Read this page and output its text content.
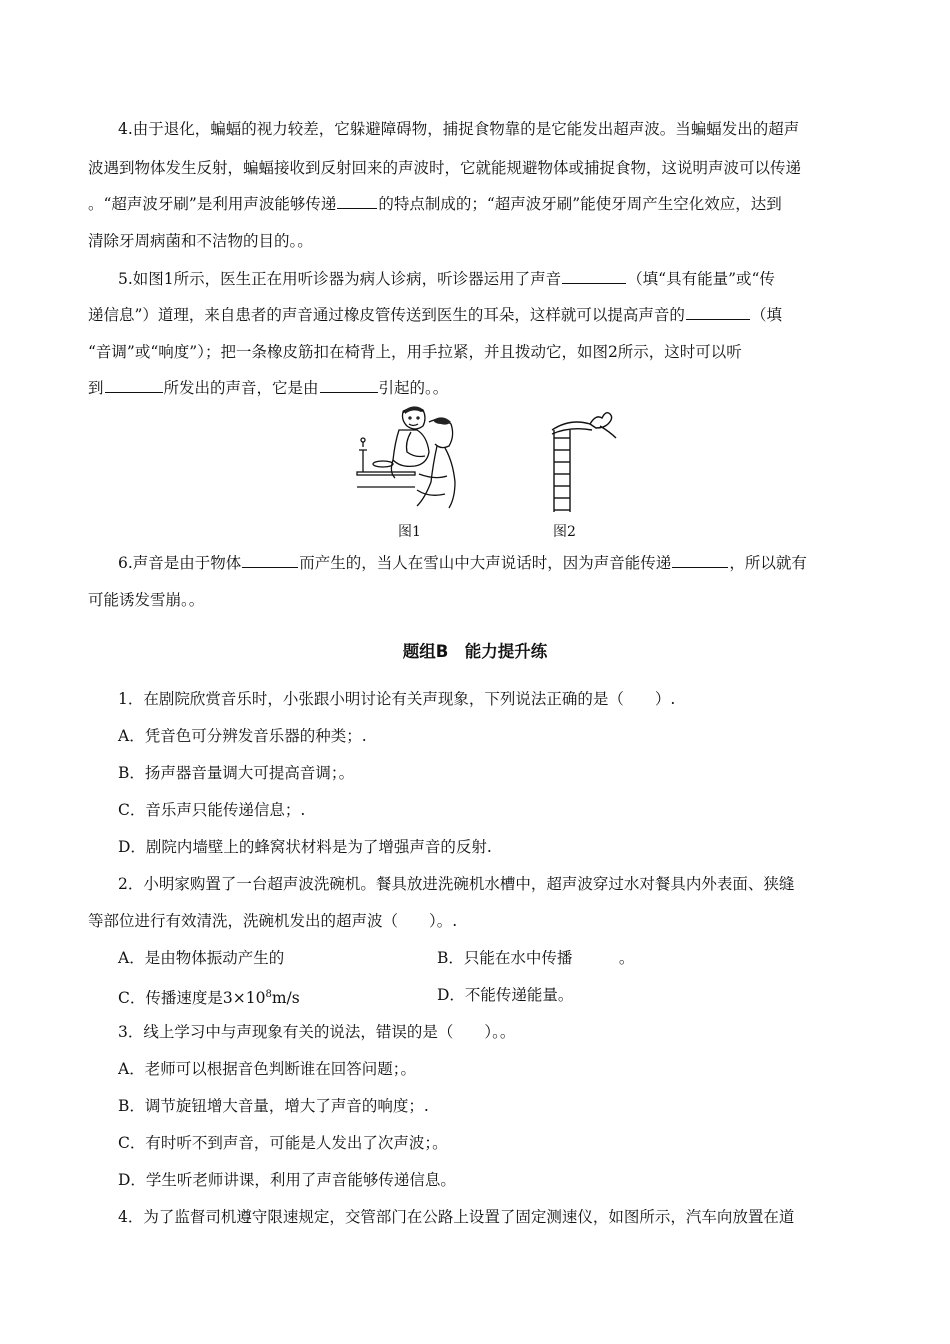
4.由于退化，蝙蝠的视力较差，它躲避障碍物，捕捉食物靠的是它能发出超声波。当蝙蝠发出的超声
波遇到物体发生反射，蝙蝠接收到反射回来的声波时，它就能规避物体或捕捉食物，这说明声波可以传递
。“超声波牙刷”是利用声波能够传递	的特点制成的；“超声波牙刷”能使牙周产生空化效应，达到
清除牙周病菌和不洁物的目的。。
5.如图1所示，医生正在用听诊器为病人诊病，听诊器运用了声音	（填“具有能量”或“传
递信息”）道理，来自患者的声音通过橡皮管传送到医生的耳朵，这样就可以提高声音的	（填
“音调”或“响度”）；把一条橡皮筋扣在椅背上，用手拉紧，并且拨动它，如图2所示，这时可以听
到	所发出的声音，它是由	引起的。。
图1	图2
6.声音是由于物体	而产生的，当人在雪山中大声说话时，因为声音能传递	，所以就有
可能诱发雪崩。。
题组B　能力提升练
1．在剧院欣赏音乐时，小张跟小明讨论有关声现象，下列说法正确的是（　　）.
A．凭音色可分辨发音乐器的种类；.
B．扬声器音量调大可提高音调；。
C．音乐声只能传递信息；.
D．剧院内墙壁上的蜂窝状材料是为了增强声音的反射.
2．小明家购置了一台超声波洗碗机。餐具放进洗碗机水槽中，超声波穿过水对餐具内外表面、狭缝
等部位进行有效清洗，洗碗机发出的超声波（　　）。.
A．是由物体振动产生的	B．只能在水中传播　　　。
C．传播速度是$3\times 10^8m/s$	D．不能传递能量。
3．线上学习中与声现象有关的说法，错误的是（　　）。。
A．老师可以根据音色判断谁在回答问题；。
B．调节旋钮增大音量，增大了声音的响度；.
C．有时听不到声音，可能是人发出了次声波；。
D．学生听老师讲课，利用了声音能够传递信息。
4．为了监督司机遵守限速规定，交管部门在公路上设置了固定测速仪，如图所示，汽车向放置在道
